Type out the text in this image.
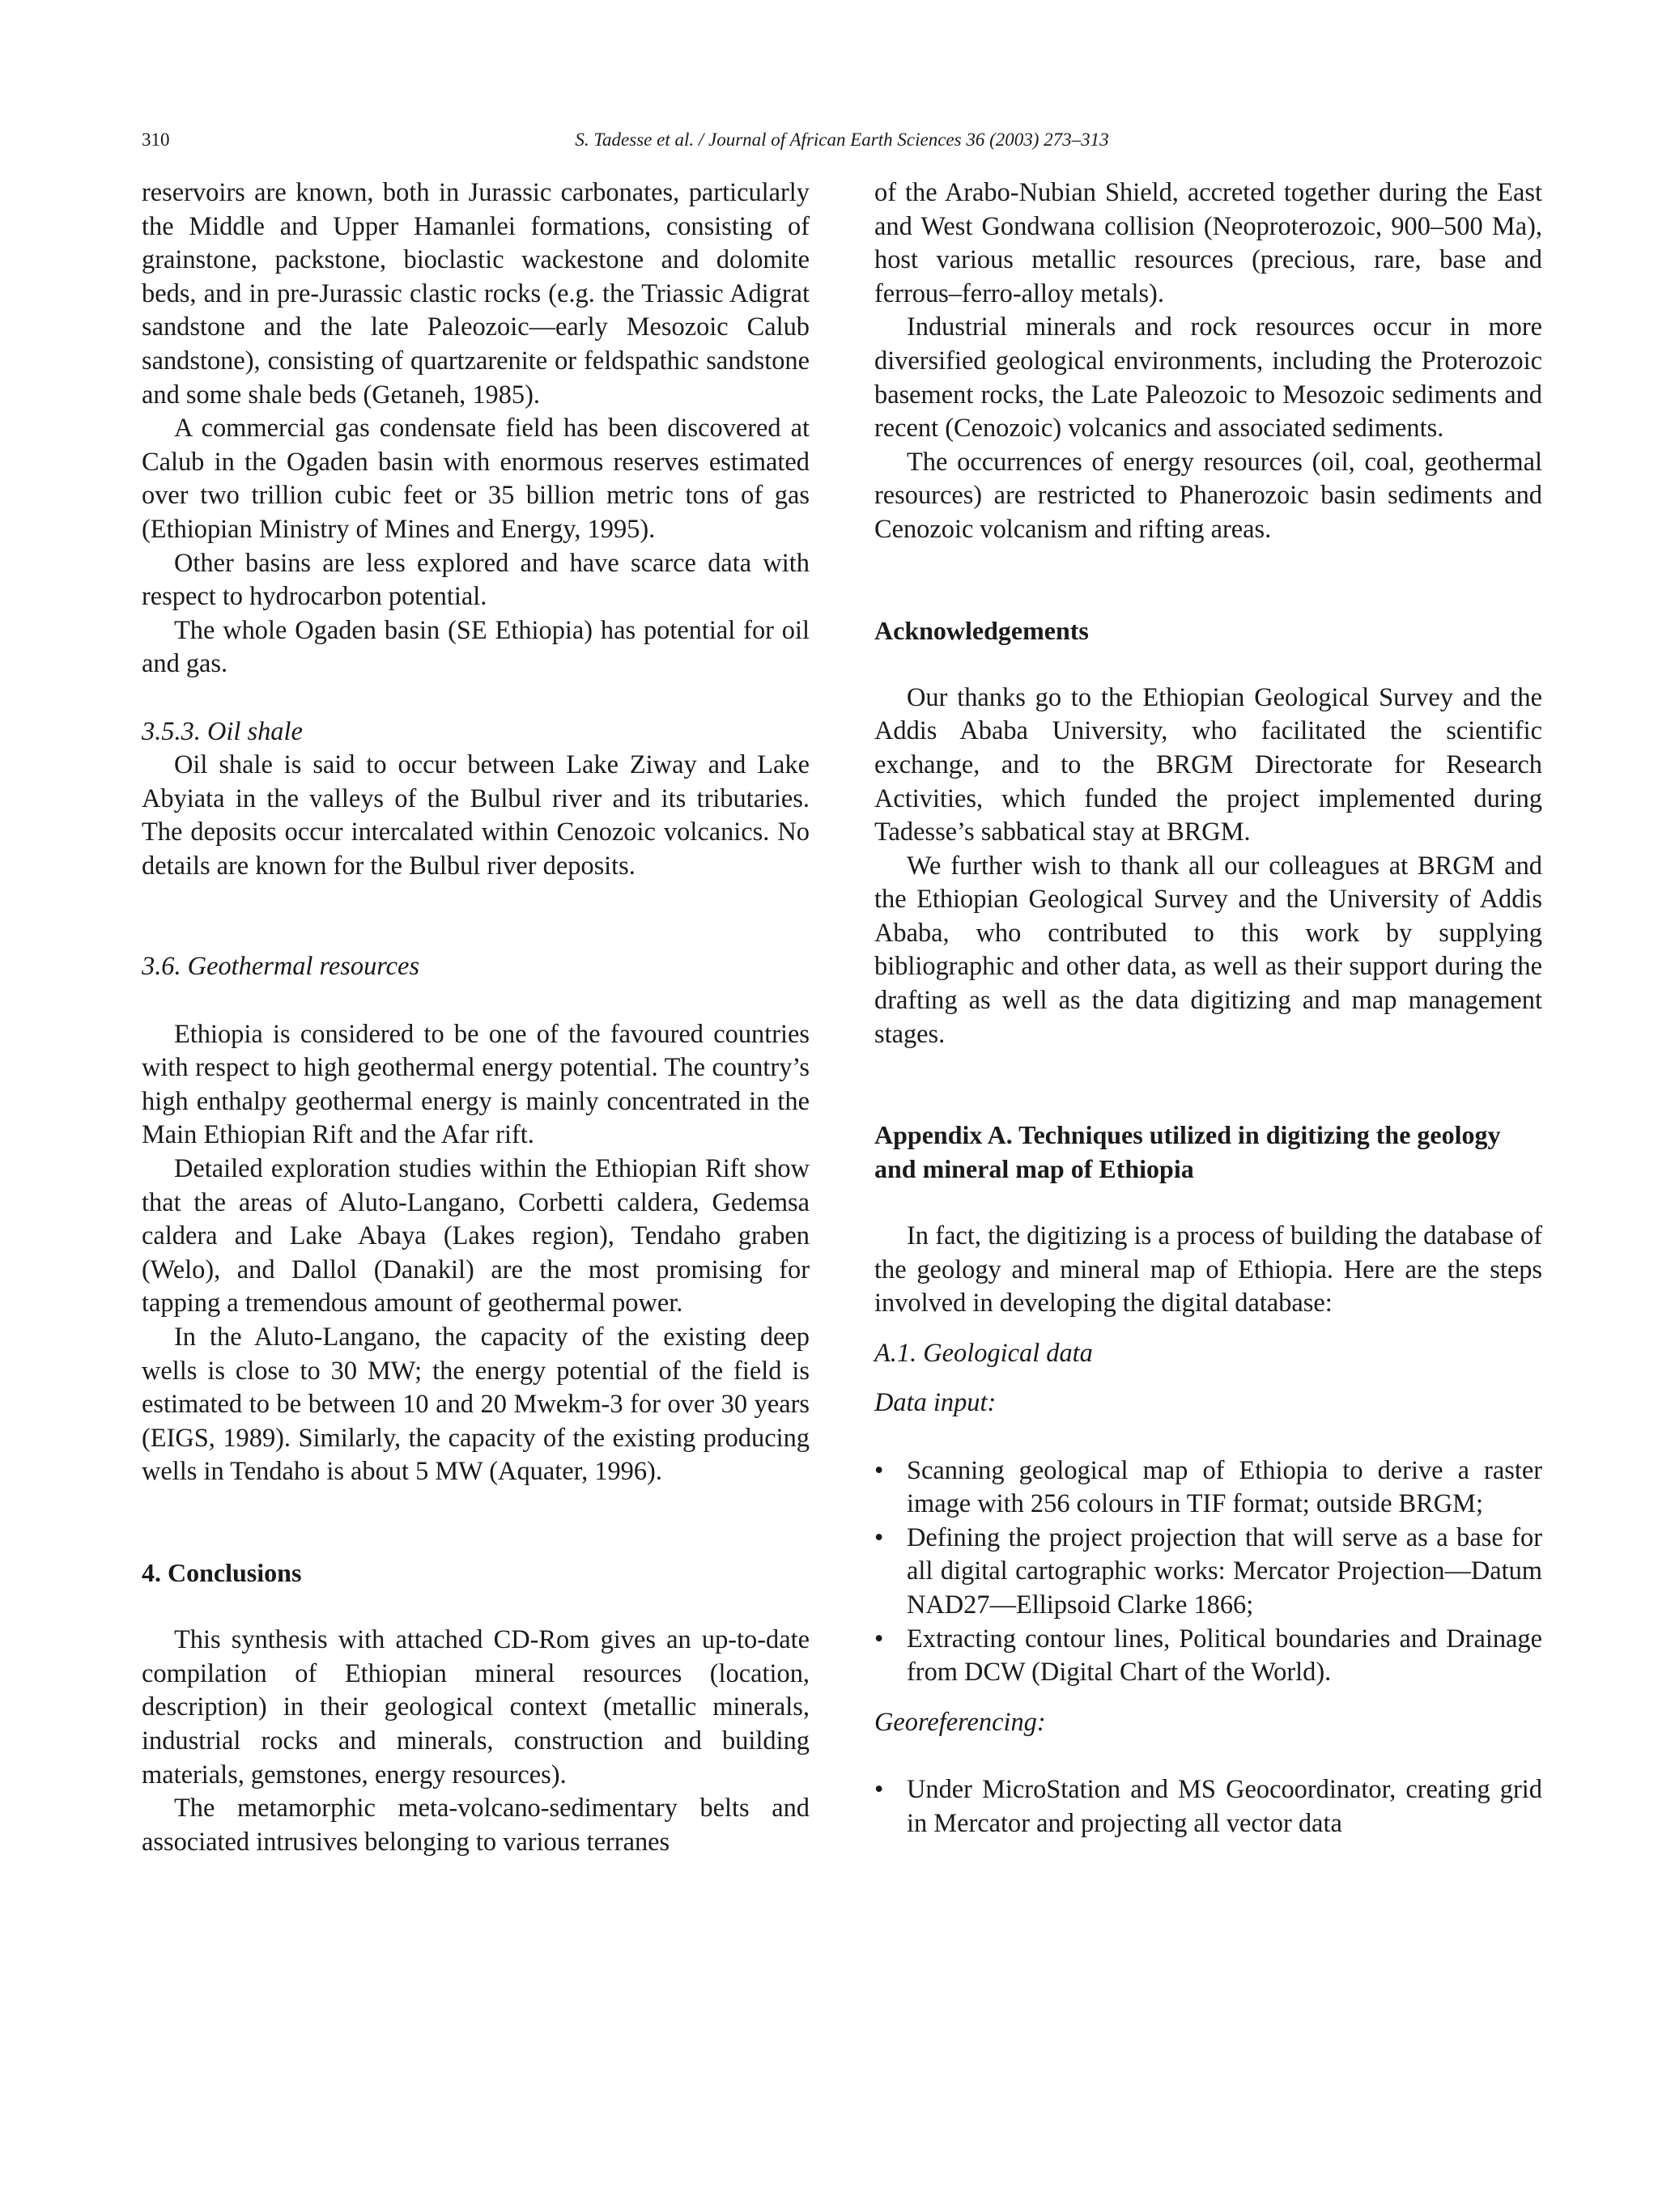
310	S. Tadesse et al. / Journal of African Earth Sciences 36 (2003) 273–313

reservoirs are known, both in Jurassic carbonates, particularly the Middle and Upper Hamanlei formations, consisting of grainstone, packstone, bioclastic wackestone and dolomite beds, and in pre-Jurassic clastic rocks (e.g. the Triassic Adigrat sandstone and the late Paleozoic—early Mesozoic Calub sandstone), consisting of quartzarenite or feldspathic sandstone and some shale beds (Getaneh, 1985).

A commercial gas condensate field has been discovered at Calub in the Ogaden basin with enormous reserves estimated over two trillion cubic feet or 35 billion metric tons of gas (Ethiopian Ministry of Mines and Energy, 1995).

Other basins are less explored and have scarce data with respect to hydrocarbon potential.

The whole Ogaden basin (SE Ethiopia) has potential for oil and gas.

3.5.3. Oil shale

Oil shale is said to occur between Lake Ziway and Lake Abyiata in the valleys of the Bulbul river and its tributaries. The deposits occur intercalated within Cenozoic volcanics. No details are known for the Bulbul river deposits.

3.6. Geothermal resources

Ethiopia is considered to be one of the favoured countries with respect to high geothermal energy potential. The country’s high enthalpy geothermal energy is mainly concentrated in the Main Ethiopian Rift and the Afar rift.

Detailed exploration studies within the Ethiopian Rift show that the areas of Aluto-Langano, Corbetti caldera, Gedemsa caldera and Lake Abaya (Lakes region), Tendaho graben (Welo), and Dallol (Danakil) are the most promising for tapping a tremendous amount of geothermal power.

In the Aluto-Langano, the capacity of the existing deep wells is close to 30 MW; the energy potential of the field is estimated to be between 10 and 20 Mwekm-3 for over 30 years (EIGS, 1989). Similarly, the capacity of the existing producing wells in Tendaho is about 5 MW (Aquater, 1996).

4. Conclusions

This synthesis with attached CD-Rom gives an up-to-date compilation of Ethiopian mineral resources (location, description) in their geological context (metallic minerals, industrial rocks and minerals, construction and building materials, gemstones, energy resources).

The metamorphic meta-volcano-sedimentary belts and associated intrusives belonging to various terranes

of the Arabo-Nubian Shield, accreted together during the East and West Gondwana collision (Neoproterozoic, 900–500 Ma), host various metallic resources (precious, rare, base and ferrous–ferro-alloy metals).

Industrial minerals and rock resources occur in more diversified geological environments, including the Proterozoic basement rocks, the Late Paleozoic to Mesozoic sediments and recent (Cenozoic) volcanics and associated sediments.

The occurrences of energy resources (oil, coal, geothermal resources) are restricted to Phanerozoic basin sediments and Cenozoic volcanism and rifting areas.

Acknowledgements

Our thanks go to the Ethiopian Geological Survey and the Addis Ababa University, who facilitated the scientific exchange, and to the BRGM Directorate for Research Activities, which funded the project implemented during Tadesse’s sabbatical stay at BRGM.

We further wish to thank all our colleagues at BRGM and the Ethiopian Geological Survey and the University of Addis Ababa, who contributed to this work by supplying bibliographic and other data, as well as their support during the drafting as well as the data digitizing and map management stages.

Appendix A. Techniques utilized in digitizing the geology and mineral map of Ethiopia

In fact, the digitizing is a process of building the database of the geology and mineral map of Ethiopia. Here are the steps involved in developing the digital database:

A.1. Geological data
Data input:
• Scanning geological map of Ethiopia to derive a raster image with 256 colours in TIF format; outside BRGM;
• Defining the project projection that will serve as a base for all digital cartographic works: Mercator Projection—Datum NAD27—Ellipsoid Clarke 1866;
• Extracting contour lines, Political boundaries and Drainage from DCW (Digital Chart of the World).
Georeferencing:
• Under MicroStation and MS Geocoordinator, creating grid in Mercator and projecting all vector data
